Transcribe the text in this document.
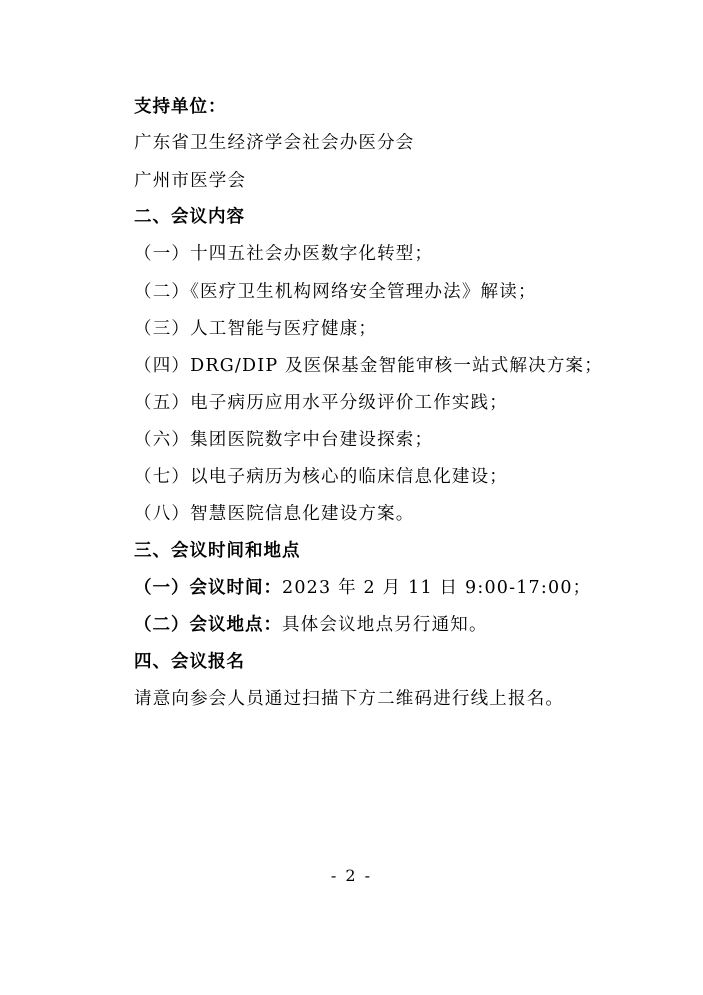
支持单位：
广东省卫生经济学会社会办医分会
广州市医学会
二、会议内容
（一）十四五社会办医数字化转型；
（二）《医疗卫生机构网络安全管理办法》解读；
（三）人工智能与医疗健康；
（四）DRG/DIP 及医保基金智能审核一站式解决方案；
（五）电子病历应用水平分级评价工作实践；
（六）集团医院数字中台建设探索；
（七）以电子病历为核心的临床信息化建设；
（八）智慧医院信息化建设方案。
三、会议时间和地点
（一）会议时间：2023 年 2 月 11 日 9:00-17:00；
（二）会议地点：具体会议地点另行通知。
四、会议报名
请意向参会人员通过扫描下方二维码进行线上报名。
- 2 -
